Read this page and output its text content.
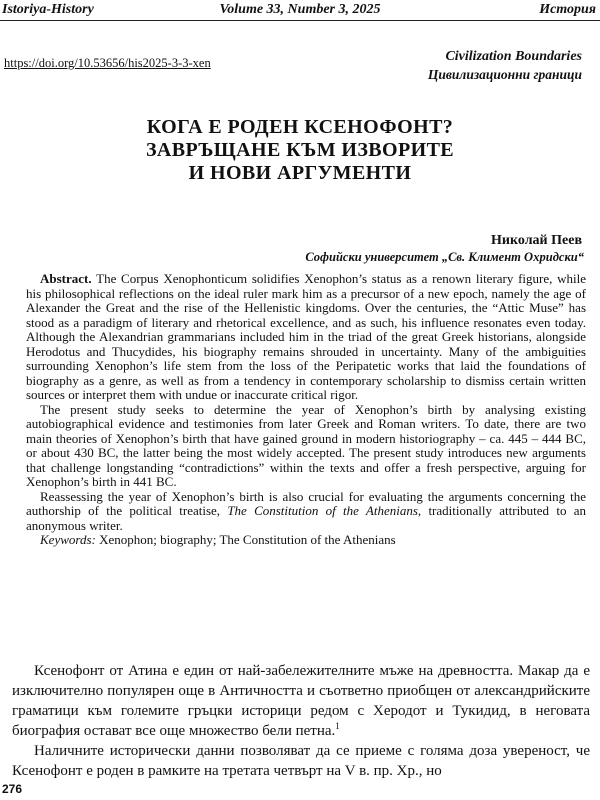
Istoriya-History	Volume 33, Number 3, 2025	История
https://doi.org/10.53656/his2025-3-3-xen	Civilization Boundaries
Цивилизационни граници
КОГА Е РОДЕН КСЕНОФОНТ?
ЗАВРЪЩАНЕ КЪМ ИЗВОРИТЕ
И НОВИ АРГУМЕНТИ
Николай Пеев
Софийски университет „Св. Климент Охридски“

Abstract. The Corpus Xenophonticum solidifies Xenophon’s status as a renown literary figure, while his philosophical reflections on the ideal ruler mark him as a precursor of a new epoch, namely the age of Alexander the Great and the rise of the Hellenistic kingdoms. Over the centuries, the “Attic Muse” has stood as a paradigm of literary and rhetorical excellence, and as such, his influence resonates even today. Although the Alexandrian grammarians included him in the triad of the great Greek historians, alongside Herodotus and Thucydides, his biography remains shrouded in uncertainty. Many of the ambiguities surrounding Xenophon’s life stem from the loss of the Peripatetic works that laid the foundations of biography as a genre, as well as from a tendency in contemporary scholarship to dismiss certain written sources or interpret them with undue or inaccurate critical rigor.

The present study seeks to determine the year of Xenophon’s birth by analysing existing autobiographical evidence and testimonies from later Greek and Roman writers. To date, there are two main theories of Xenophon’s birth that have gained ground in modern historiography – ca. 445 – 444 BC, or about 430 BC, the latter being the most widely accepted. The present study introduces new arguments that challenge longstanding “contradictions” within the texts and offer a fresh perspective, arguing for Xenophon’s birth in 441 BC.

Reassessing the year of Xenophon’s birth is also crucial for evaluating the arguments concerning the authorship of the political treatise, The Constitution of the Athenians, traditionally attributed to an anonymous writer.

Keywords: Xenophon; biography; The Constitution of the Athenians

Ксенофонт от Атина е един от най-забележителните мъже на древността. Макар да е изключително популярен още в Античността и съответно приобщен от александрийските граматици към големите гръцки историци редом с Херодот и Тукидид, в неговата биография остават все още множество бели петна.$^1$

Наличните исторически данни позволяват да се приеме с голяма доза увереност, че Ксенофонт е роден в рамките на третата четвърт на V в. пр. Хр., но

276
